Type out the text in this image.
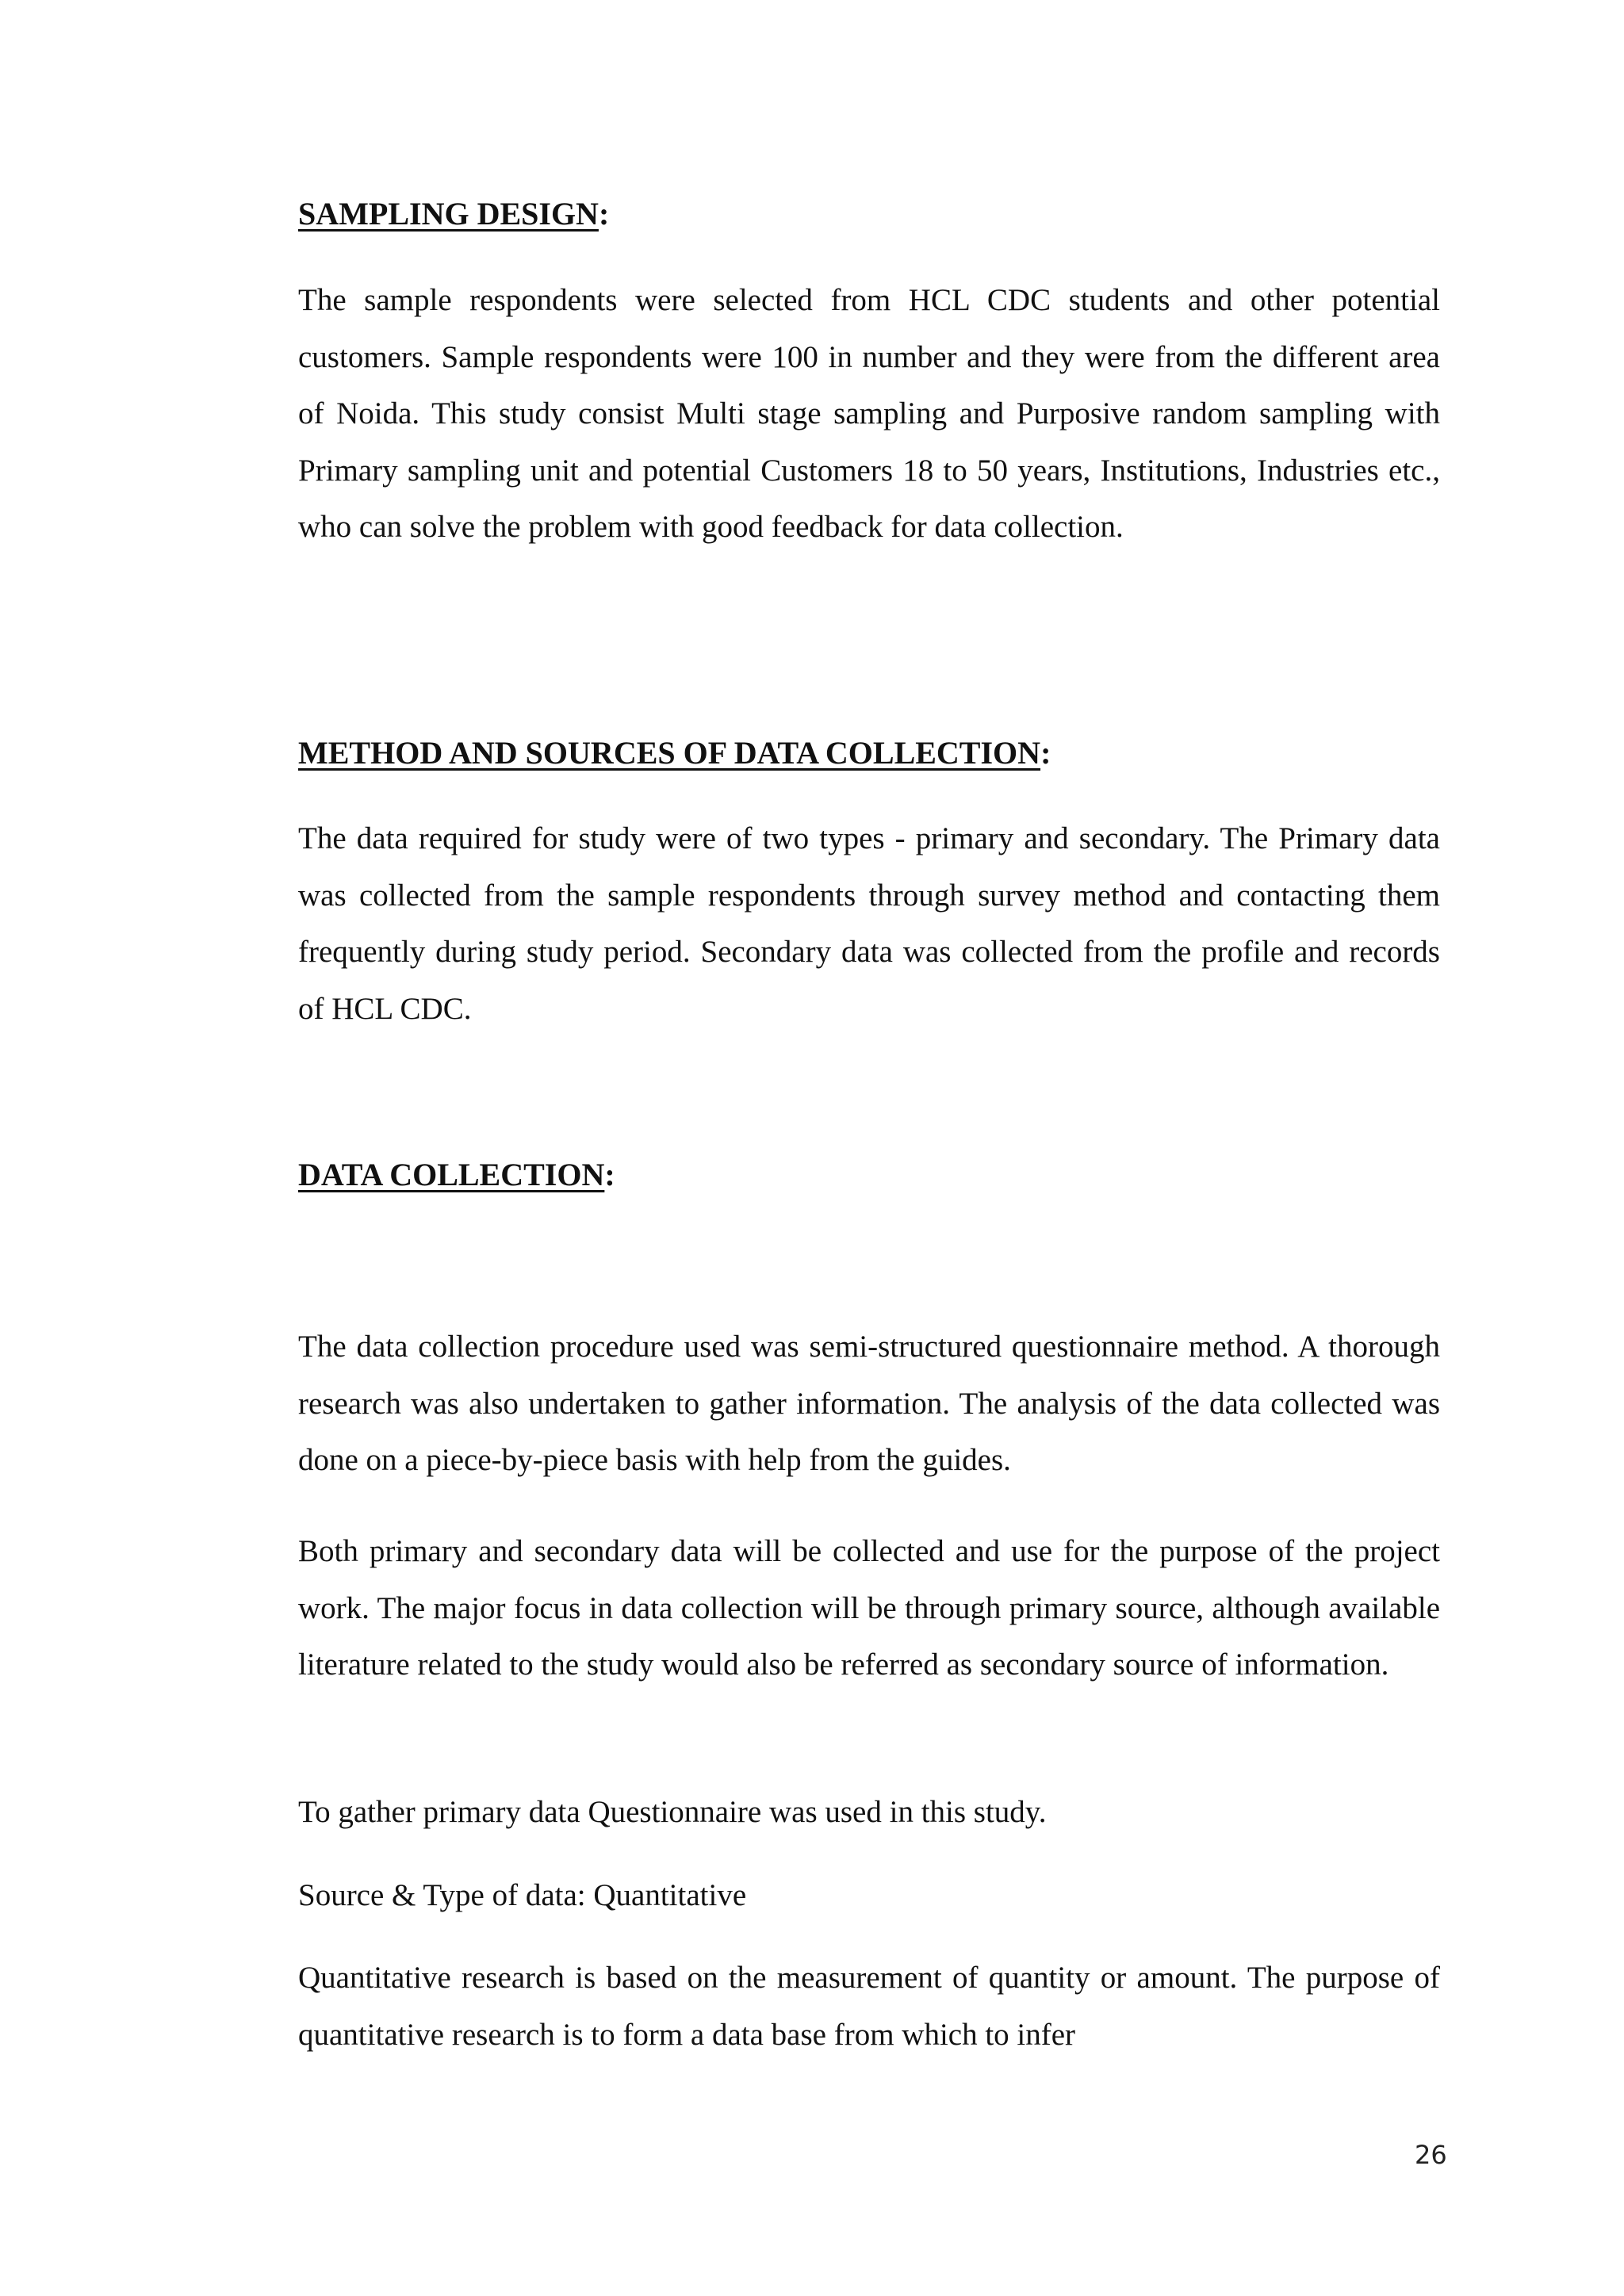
SAMPLING DESIGN:

The sample respondents were selected from HCL CDC students and other potential customers. Sample respondents were 100 in number and they were from the different area of Noida. This study consist Multi stage sampling and Purposive random sampling with Primary sampling unit and potential Customers 18 to 50 years, Institutions, Industries etc., who can solve the problem with good feedback for data collection.

METHOD AND SOURCES OF DATA COLLECTION:

The data required for study were of two types - primary and secondary. The Primary data was collected from the sample respondents through survey method and contacting them frequently during study period. Secondary data was collected from the profile and records of HCL CDC.

DATA COLLECTION:

The data collection procedure used was semi-structured questionnaire method. A thorough research was also undertaken to gather information. The analysis of the data collected was done on a piece-by-piece basis with help from the guides.

Both primary and secondary data will be collected and use for the purpose of the project work. The major focus in data collection will be through primary source, although available literature related to the study would also be referred as secondary source of information.

To gather primary data Questionnaire was used in this study.

Source & Type of data: Quantitative

Quantitative research is based on the measurement of quantity or amount. The purpose of quantitative research is to form a data base from which to infer

26
